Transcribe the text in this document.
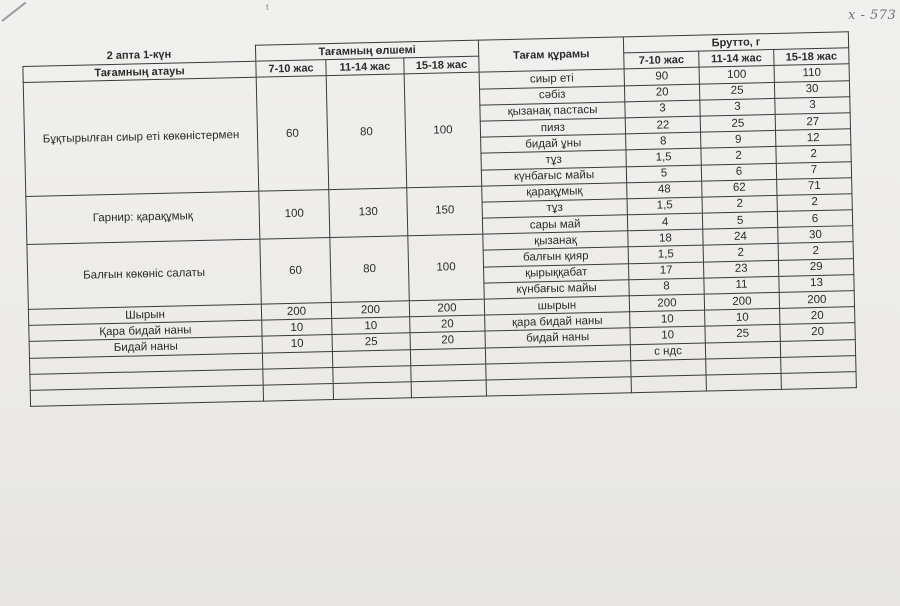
t
x - 573
2 апта 1-күн	Тағамның өлшемі			Тағам құрамы	Брутто, г		
Тағамның атауы	7-10 жас	11-14 жас	15-18 жас		7-10 жас	11-14 жас	15-18 жас
Бұқтырылған сиыр еті көкөністермен	60	80	100	сиыр еті	90	100	110
				сәбіз	20	25	30
				қызанақ пастасы	3	3	3
				пияз	22	25	27
				бидай ұны	8	9	12
				тұз	1,5	2	2
				күнбағыс майы	5	6	7
Гарнир: қарақұмық	100	130	150	қарақұмық	48	62	71
				тұз	1,5	2	2
				сары май	4	5	6
Балғын көкөніс салаты	60	80	100	қызанақ	18	24	30
				балғын қияр	1,5	2	2
				қырыққабат	17	23	29
				күнбағыс майы	8	11	13
Шырын	200	200	200	шырын	200	200	200
Қара бидай наны	10	10	20	қара бидай наны	10	10	20
Бидай наны	10	25	20	бидай наны	10	25	20
					с ндс		
